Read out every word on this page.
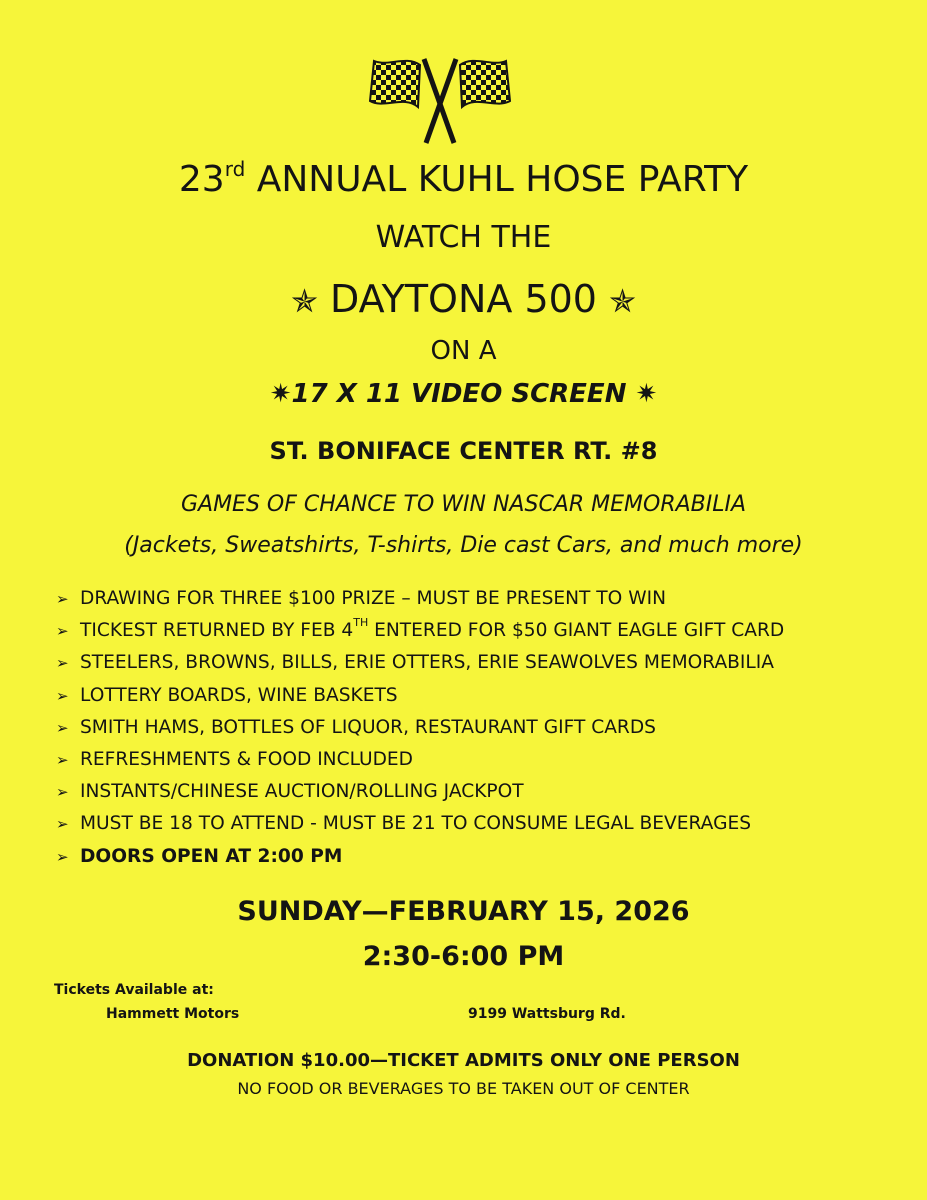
23rd ANNUAL KUHL HOSE PARTY
WATCH THE
✯ DAYTONA 500 ✯
ON A
✷17 X 11 VIDEO SCREEN ✷
ST. BONIFACE CENTER RT. #8
GAMES OF CHANCE TO WIN NASCAR MEMORABILIA
(Jackets, Sweatshirts, T-shirts, Die cast Cars, and much more)
➢ DRAWING FOR THREE $100 PRIZE – MUST BE PRESENT TO WIN
➢ TICKEST RETURNED BY FEB 4TH ENTERED FOR $50 GIANT EAGLE GIFT CARD
➢ STEELERS, BROWNS, BILLS, ERIE OTTERS, ERIE SEAWOLVES MEMORABILIA
➢ LOTTERY BOARDS, WINE BASKETS
➢ SMITH HAMS, BOTTLES OF LIQUOR, RESTAURANT GIFT CARDS
➢ REFRESHMENTS & FOOD INCLUDED
➢ INSTANTS/CHINESE AUCTION/ROLLING JACKPOT
➢ MUST BE 18 TO ATTEND - MUST BE 21 TO CONSUME LEGAL BEVERAGES
➢ DOORS OPEN AT 2:00 PM
SUNDAY—FEBRUARY 15, 2026
2:30-6:00 PM
Tickets Available at:
Hammett Motors	9199 Wattsburg Rd.
DONATION $10.00—TICKET ADMITS ONLY ONE PERSON
NO FOOD OR BEVERAGES TO BE TAKEN OUT OF CENTER
